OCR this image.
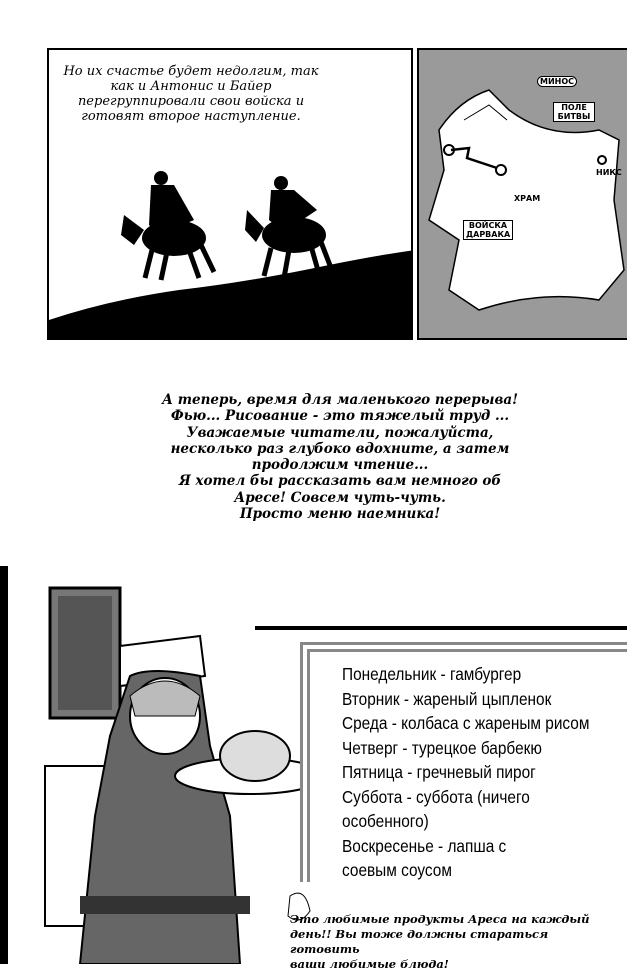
Но их счастье будет недолгим, так как и Антонис и Байер перегруппировали свои войска и готовят второе наступление.
МИНОС
ПОЛЕ БИТВЫ
НИКС
ХРАМ
ВОЙСКА ДАРВАКА
А теперь, время для маленького перерыва!
Фью... Рисование - это тяжелый труд ...
Уважаемые читатели, пожалуйста,
несколько раз глубоко вдохните, а затем
продолжим чтение...
Я хотел бы рассказать вам немного об
Аресе! Совсем чуть-чуть.
Просто меню наемника!
Понедельник - гамбургер
Вторник - жареный цыпленок
Среда - колбаса с жареным рисом
Четверг - турецкое барбекю
Пятница - гречневый пирог
Суббота - суббота (ничего
особенного)
Воскресенье - лапша с
соевым соусом
Это любимые продукты Ареса на каждый
день!! Вы тоже должны стараться готовить
ваши любимые блюда!
